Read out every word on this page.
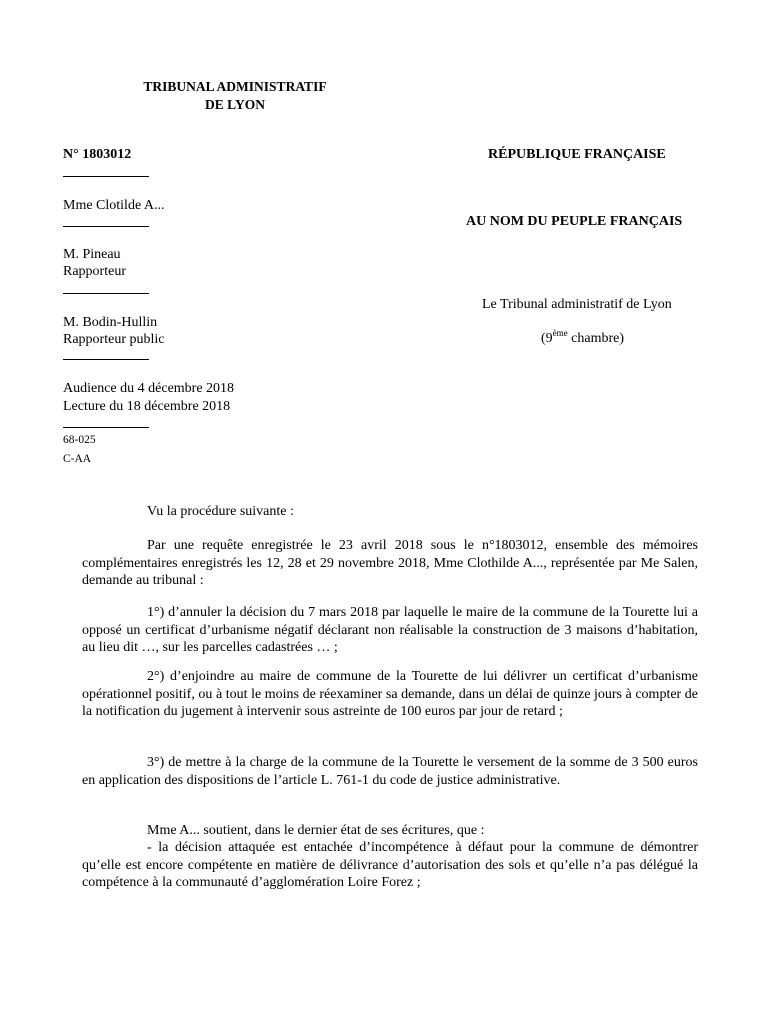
TRIBUNAL ADMINISTRATIF
DE LYON
N° 1803012	RÉPUBLIQUE FRANÇAISE
AU NOM DU PEUPLE FRANÇAIS
Mme Clotilde A...
M. Pineau
Rapporteur
M. Bodin-Hullin
Rapporteur public
Le Tribunal administratif de Lyon
(9ème chambre)
Audience du 4 décembre 2018
Lecture du 18 décembre 2018
68-025
C-AA
Vu la procédure suivante :
Par une requête enregistrée le 23 avril 2018 sous le n°1803012, ensemble des mémoires complémentaires enregistrés les 12, 28 et 29 novembre 2018, Mme Clothilde A..., représentée par Me Salen, demande au tribunal :
1°) d’annuler la décision du 7 mars 2018 par laquelle le maire de la commune de la Tourette lui a opposé un certificat d’urbanisme négatif déclarant non réalisable la construction de 3 maisons d’habitation, au lieu dit …, sur les parcelles cadastrées … ;
2°) d’enjoindre au maire de commune de la Tourette de lui délivrer un certificat d’urbanisme opérationnel positif, ou à tout le moins de réexaminer sa demande, dans un délai de quinze jours à compter de la notification du jugement à intervenir sous astreinte de 100 euros par jour de retard ;
3°) de mettre à la charge de la commune de la Tourette le versement de la somme de 3 500 euros en application des dispositions de l’article L. 761-1 du code de justice administrative.
Mme A... soutient, dans le dernier état de ses écritures, que :
- la décision attaquée est entachée d’incompétence à défaut pour la commune de démontrer qu’elle est encore compétente en matière de délivrance d’autorisation des sols et qu’elle n’a pas délégué la compétence à la communauté d’agglomération Loire Forez ;
